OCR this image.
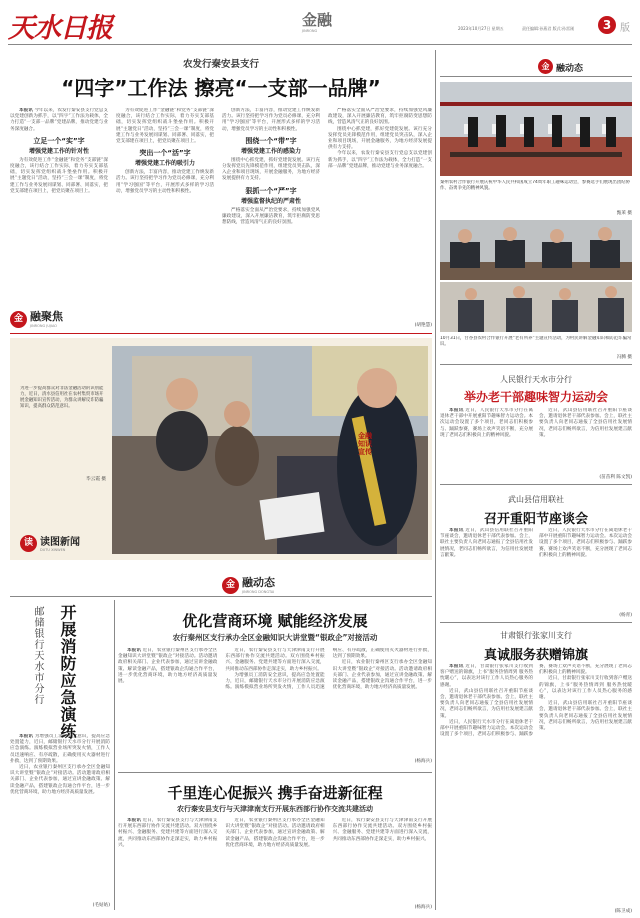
天水日报	金融
JINRONG	2023年10月27日 星期五	责任编辑:孙燕君 版式:孙雷刚	3 版
农发行秦安县支行
“四字”工作法 擦亮“一支部一品牌”

本报讯 今年以来，农发行秦安县支行党总支以党建创新为抓手，以“四字”工作法为载体，全力打造“一支部一品牌”党建品牌，推动党建与业务深度融合。

立足一个“实”字
增强党建工作的针对性

为有效促进工作“金融链”和党务“支部链”深度融合，该行结合工作实际，着力夯实支部基础，切实发挥党组织战斗堡垒作用。积极开展“主题党日”活动，坚持“三会一课”制度，将党建工作与业务发展同谋划、同部署、同落实，把党支部建在项目上，把党员聚在项目上。

为有效促进工作“金融链”和党务“支部链”深度融合，该行结合工作实际，着力夯实支部基础，切实发挥党组织战斗堡垒作用。积极开展“主题党日”活动，坚持“三会一课”制度，将党建工作与业务发展同谋划、同部署、同落实，把党支部建在项目上，把党员聚在项目上。

突出一个“活”字
增强党建工作的吸引力

创新方法，丰富内容，推动党建工作焕发新活力。该行坚持把学习作为党员必修课，充分利用“学习强国”等平台，开展形式多样的学习活动，增强党员学习的主动性和积极性。

创新方法，丰富内容，推动党建工作焕发新活力。该行坚持把学习作为党员必修课，充分利用“学习强国”等平台，开展形式多样的学习活动，增强党员学习的主动性和积极性。

围绕一个“带”字
增强党建工作的感染力

围绕中心抓党建，抓好党建促发展。该行充分发挥党员先锋模范作用，组建党员突击队，深入企业和项目现场，开展金融服务，为地方经济发展提供有力支持。

狠抓一个“严”字
增强监督执纪的严肃性

严格落实全面从严治党要求，持续加强党风廉政建设，深入开展廉洁教育，筑牢拒腐防变思想防线，营造风清气正的良好氛围。

严格落实全面从严治党要求，持续加强党风廉政建设，深入开展廉洁教育，筑牢拒腐防变思想防线，营造风清气正的良好氛围。

围绕中心抓党建，抓好党建促发展。该行充分发挥党员先锋模范作用，组建党员突击队，深入企业和项目现场，开展金融服务，为地方经济发展提供有力支持。

今年以来，农发行秦安县支行党总支以党建创新为抓手，以“四字”工作法为载体，全力打造“一支部一品牌”党建品牌，推动党建与业务深度融合。

(胡艳慧)
金 融聚焦
JINRONG JUJIAO
为进一步提高群众对非法金融活动的识别能力，近日，清水县信用社在农村集贸市场开展金融知识宣传活动，为群众讲解反诈防骗知识，提高群众防范意识。
毕云霞 摄
金融知识 宣传
读 读图新闻
DUTU XINWEN
金 融动态
秦州农村合作银行开展庆祝中华人民共和国成立74周年职工趣味运动会，参赛选手们展现出团结协作、奋勇争先的精神风貌。
甄莱 摄
10月31日，甘谷县农村合作银行开展“老有所养”主题宣传活动，为村民讲解金融知识和防范诈骗常识。
冯腾 摄
人民银行天水市分行
举办老干部趣味智力运动会

本报讯 近日，人民银行天水市分行在离退休老干部中开展重阳节趣味智力运动会。本次运动会设置了多个项目，老同志们积极参与、踊跃参赛，赛场上欢声笑语不断，充分展现了老同志们积极向上的精神风貌。

近日，武山县信用联社召开重阳节座谈会，邀请退休老干部代表参加。会上，联社主要负责人向老同志通报了全县信用社发展情况，老同志们畅所欲言，为信用社发展建言献策。

(苗苗利 陈文凯)
武山县信用联社
召开重阳节座谈会

本报讯 近日，武山县信用联社召开重阳节座谈会，邀请退休老干部代表参加。会上，联社主要负责人向老同志通报了全县信用社发展情况，老同志们畅所欲言，为信用社发展建言献策。

近日，人民银行天水市分行在离退休老干部中开展重阳节趣味智力运动会。本次运动会设置了多个项目，老同志们积极参与、踊跃参赛，赛场上欢声笑语不断，充分展现了老同志们积极向上的精神风貌。

(杨青)
甘肃银行张家川支行
真诚服务获赠锦旗

本报讯 近日，甘肃银行张家川支行收到客户赠送的锦旗，上书“服务热情周到 服务热忱暖心”，以表达对该行工作人员热心服务的感谢。

近日，武山县信用联社召开重阳节座谈会，邀请退休老干部代表参加。会上，联社主要负责人向老同志通报了全县信用社发展情况，老同志们畅所欲言，为信用社发展建言献策。

近日，人民银行天水市分行在离退休老干部中开展重阳节趣味智力运动会。本次运动会设置了多个项目，老同志们积极参与、踊跃参赛，赛场上欢声笑语不断，充分展现了老同志们积极向上的精神风貌。

近日，甘肃银行张家川支行收到客户赠送的锦旗，上书“服务热情周到 服务热忱暖心”，以表达对该行工作人员热心服务的感谢。

近日，武山县信用联社召开重阳节座谈会，邀请退休老干部代表参加。会上，联社主要负责人向老同志通报了全县信用社发展情况，老同志们畅所欲言，为信用社发展建言献策。

(陈卫成)
金 融动态
JINRONG DONGTAI
邮储银行天水市分行 开展消防应急演练

本报讯 为增强员工消防安全意识，提高应急处置能力，近日，邮储银行天水市分行开展消防应急演练。演练模拟营业场所突发火情，工作人员迅速响应、有序疏散，正确使用灭火器材进行扑救，达到了预期效果。

近日，农业银行秦州区支行承办全区金融知识大讲堂暨“银政企”对接活动。活动邀请政府相关部门、企业代表参加，通过宣讲金融政策、解读金融产品，搭建银政企沟通合作平台，进一步优化营商环境，助力地方经济高质量发展。

(毛姑姑)
优化营商环境 赋能经济发展
农行秦州区支行承办全区金融知识大讲堂暨“银政企”对接活动

本报讯 近日，农业银行秦州区支行承办全区金融知识大讲堂暨“银政企”对接活动。活动邀请政府相关部门、企业代表参加，通过宣讲金融政策、解读金融产品，搭建银政企沟通合作平台，进一步优化营商环境，助力地方经济高质量发展。

近日，农行秦安县支行与天津津南支行开展东西部行协作交流共建活动。双方围绕乡村振兴、金融服务、党建共建等方面进行深入交流，共同推动东西部协作走深走实，助力乡村振兴。

为增强员工消防安全意识，提高应急处置能力，近日，邮储银行天水市分行开展消防应急演练。演练模拟营业场所突发火情，工作人员迅速响应、有序疏散，正确使用灭火器材进行扑救，达到了预期效果。

近日，农业银行秦州区支行承办全区金融知识大讲堂暨“银政企”对接活动。活动邀请政府相关部门、企业代表参加，通过宣讲金融政策、解读金融产品，搭建银政企沟通合作平台，进一步优化营商环境，助力地方经济高质量发展。

(杨海兵)
千里连心促振兴 携手奋进新征程
农行秦安县支行与天津津南支行开展东西部行协作交流共建活动

本报讯 近日，农行秦安县支行与天津津南支行开展东西部行协作交流共建活动。双方围绕乡村振兴、金融服务、党建共建等方面进行深入交流，共同推动东西部协作走深走实，助力乡村振兴。

近日，农业银行秦州区支行承办全区金融知识大讲堂暨“银政企”对接活动。活动邀请政府相关部门、企业代表参加，通过宣讲金融政策、解读金融产品，搭建银政企沟通合作平台，进一步优化营商环境，助力地方经济高质量发展。

近日，农行秦安县支行与天津津南支行开展东西部行协作交流共建活动。双方围绕乡村振兴、金融服务、党建共建等方面进行深入交流，共同推动东西部协作走深走实，助力乡村振兴。

(杨海兵)
